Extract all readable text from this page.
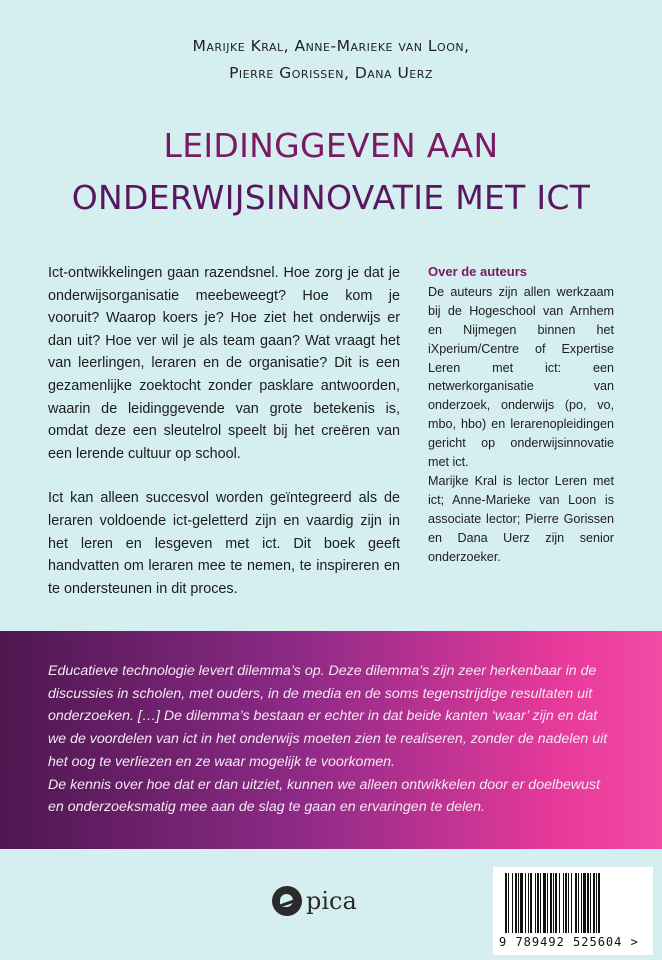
Marijke Kral, Anne-Marieke van Loon,
Pierre Gorissen, Dana Uerz
LEIDINGGEVEN AAN
ONDERWIJSINNOVATIE MET ICT

Ict-ontwikkelingen gaan razendsnel. Hoe zorg je dat je onderwijsorganisatie meebeweegt? Hoe kom je vooruit? Waarop koers je? Hoe ziet het onderwijs er dan uit? Hoe ver wil je als team gaan? Wat vraagt het van leerlingen, leraren en de organisatie? Dit is een gezamenlijke zoektocht zonder pasklare antwoorden, waarin de leidinggevende van grote betekenis is, omdat deze een sleutelrol speelt bij het creëren van een lerende cultuur op school.

Ict kan alleen succesvol worden geïntegreerd als de leraren voldoende ict-geletterd zijn en vaardig zijn in het leren en lesgeven met ict. Dit boek geeft handvatten om leraren mee te nemen, te inspireren en te ondersteunen in dit proces.

Over de auteurs

De auteurs zijn allen werkzaam bij de Hogeschool van Arnhem en Nijmegen binnen het iXperium/Centre of Expertise Leren met ict: een netwerkorganisatie van onderzoek, onderwijs (po, vo, mbo, hbo) en lerarenopleidingen gericht op onderwijsinnovatie met ict.

Marijke Kral is lector Leren met ict; Anne-Marieke van Loon is associate lector; Pierre Gorissen en Dana Uerz zijn senior onderzoeker.

Educatieve technologie levert dilemma’s op. Deze dilemma’s zijn zeer herkenbaar in de discussies in scholen, met ouders, in de media en de soms tegenstrijdige resultaten uit onderzoeken. […] De dilemma’s bestaan er echter in dat beide kanten ‘waar’ zijn en dat we de voordelen van ict in het onderwijs moeten zien te realiseren, zonder de nadelen uit het oog te verliezen en ze waar mogelijk te voorkomen.

De kennis over hoe dat er dan uitziet, kunnen we alleen ontwikkelen door er doelbewust en onderzoeksmatig mee aan de slag te gaan en ervaringen te delen.

pica
9 789492 525604 >
